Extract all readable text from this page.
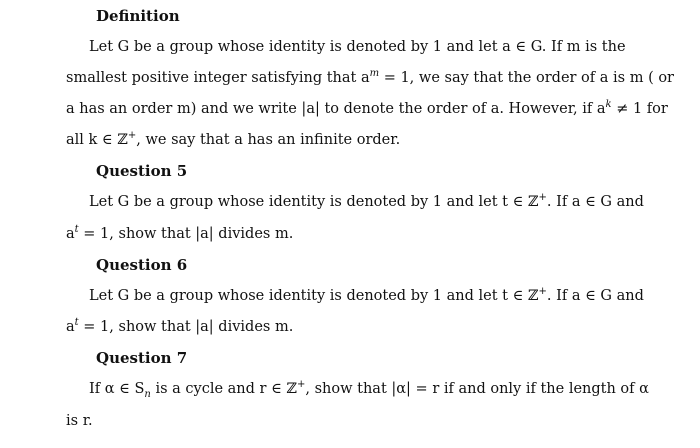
Definition
Let G be a group whose identity is denoted by 1 and let a ∈ G. If m is the
smallest positive integer satisfying that $a^m = 1$, we say that the order of a is m ( or
a has an order m) and we write |a| to denote the order of a. However, if $a^k \ne 1$ for
all k ∈ ℤ+, we say that a has an infinite order.
Question 5
Let G be a group whose identity is denoted by 1 and let t ∈ ℤ+. If a ∈ G and
$a^t = 1$, show that |a| divides m.
Question 6
Let G be a group whose identity is denoted by 1 and let t ∈ ℤ+. If a ∈ G and
$a^t = 1$, show that |a| divides m.
Question 7
If α ∈ $S_n$ is a cycle and r ∈ ℤ+, show that |α| = r if and only if the length of α
is r.
